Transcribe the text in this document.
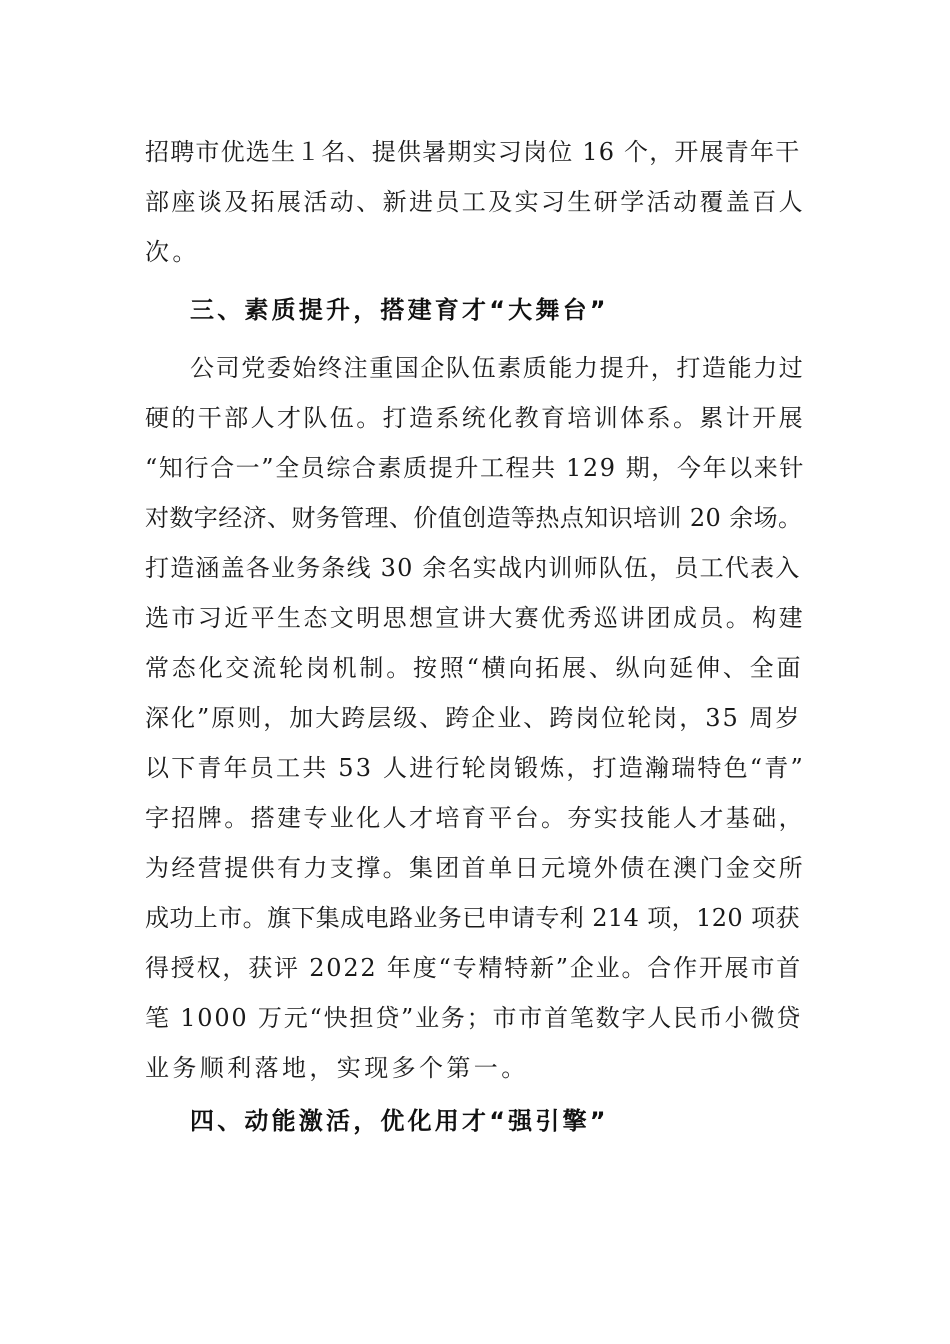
招聘市优选生１名、提供暑期实习岗位 16 个，开展青年干
部座谈及拓展活动、新进员工及实习生研学活动覆盖百人
次。
三、素质提升，搭建育才“大舞台”
公司党委始终注重国企队伍素质能力提升，打造能力过
硬的干部人才队伍。打造系统化教育培训体系。累计开展
“知行合一”全员综合素质提升工程共 129 期，今年以来针
对数字经济、财务管理、价值创造等热点知识培训 20 余场。
打造涵盖各业务条线 30 余名实战内训师队伍，员工代表入
选市习近平生态文明思想宣讲大赛优秀巡讲团成员。构建
常态化交流轮岗机制。按照“横向拓展、纵向延伸、全面
深化”原则，加大跨层级、跨企业、跨岗位轮岗，35 周岁
以下青年员工共 53 人进行轮岗锻炼，打造瀚瑞特色“青”
字招牌。搭建专业化人才培育平台。夯实技能人才基础，
为经营提供有力支撑。集团首单日元境外债在澳门金交所
成功上市。旗下集成电路业务已申请专利 214 项，120 项获
得授权，获评 2022 年度“专精特新”企业。合作开展市首
笔 1000 万元“快担贷”业务；市市首笔数字人民币小微贷
业务顺利落地，实现多个第一。
四、动能激活，优化用才“强引擎”
